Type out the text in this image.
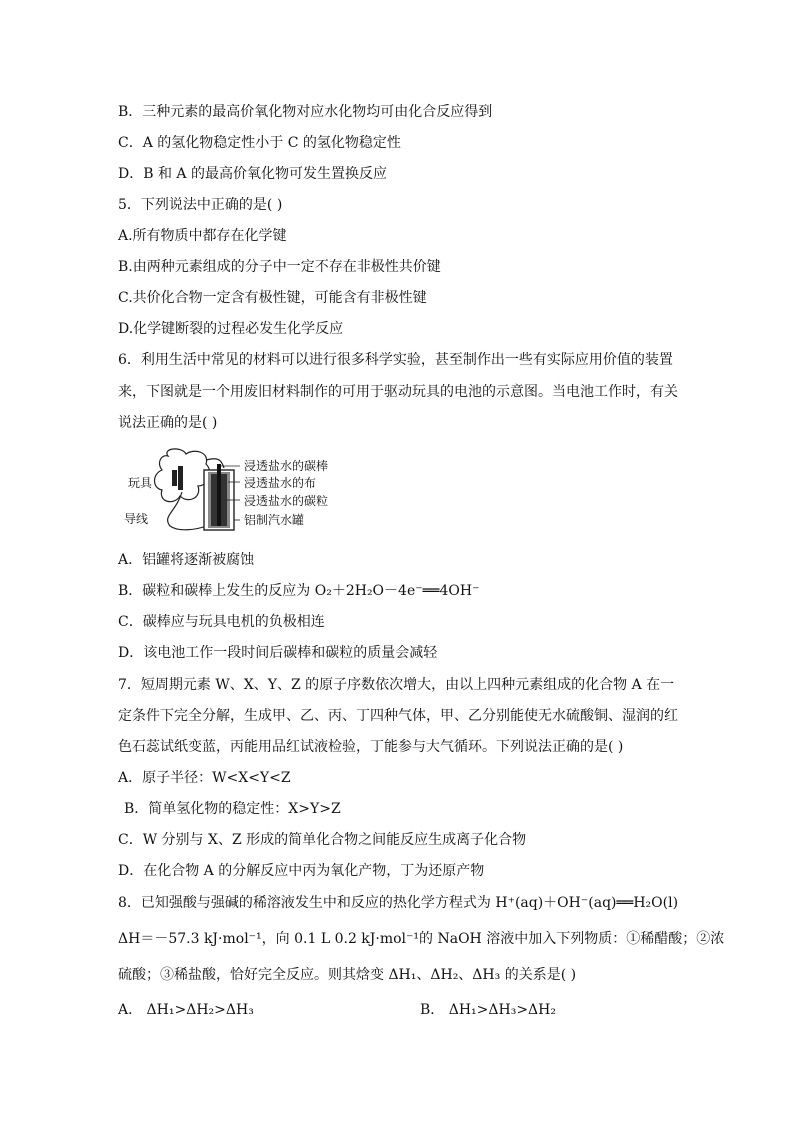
B．三种元素的最高价氧化物对应水化物均可由化合反应得到
C．A 的氢化物稳定性小于 C 的氢化物稳定性
D．B 和 A 的最高价氧化物可发生置换反应
5．下列说法中正确的是( )
A.所有物质中都存在化学键
B.由两种元素组成的分子中一定不存在非极性共价键
C.共价化合物一定含有极性键，可能含有非极性键
D.化学键断裂的过程必发生化学反应
6．利用生活中常见的材料可以进行很多科学实验，甚至制作出一些有实际应用价值的装置
来，下图就是一个用废旧材料制作的可用于驱动玩具的电池的示意图。当电池工作时，有关
说法正确的是( )
玩具
导线
浸透盐水的碳棒
浸透盐水的布
浸透盐水的碳粒
铝制汽水罐
A．铝罐将逐渐被腐蚀
B．碳粒和碳棒上发生的反应为 O₂＋2H₂O－4e⁻══4OH⁻
C．碳棒应与玩具电机的负极相连
D．该电池工作一段时间后碳棒和碳粒的质量会减轻
7．短周期元素 W、X、Y、Z 的原子序数依次增大，由以上四种元素组成的化合物 A 在一
定条件下完全分解，生成甲、乙、丙、丁四种气体，甲、乙分别能使无水硫酸铜、湿润的红
色石蕊试纸变蓝，丙能用品红试液检验，丁能参与大气循环。下列说法正确的是( )
A．原子半径：W<X<Y<Z
B．简单氢化物的稳定性：X>Y>Z
C．W 分别与 X、Z 形成的简单化合物之间能反应生成离子化合物
D．在化合物 A 的分解反应中丙为氧化产物，丁为还原产物
8．已知强酸与强碱的稀溶液发生中和反应的热化学方程式为 H⁺(aq)＋OH⁻(aq)══H₂O(l)
ΔH＝－57.3 kJ·mol⁻¹，向 0.1 L 0.2 kJ·mol⁻¹的 NaOH 溶液中加入下列物质：①稀醋酸；②浓
硫酸；③稀盐酸，恰好完全反应。则其焓变 ΔH₁、ΔH₂、ΔH₃ 的关系是( )
A． ΔH₁>ΔH₂>ΔH₃	B． ΔH₁>ΔH₃>ΔH₂
